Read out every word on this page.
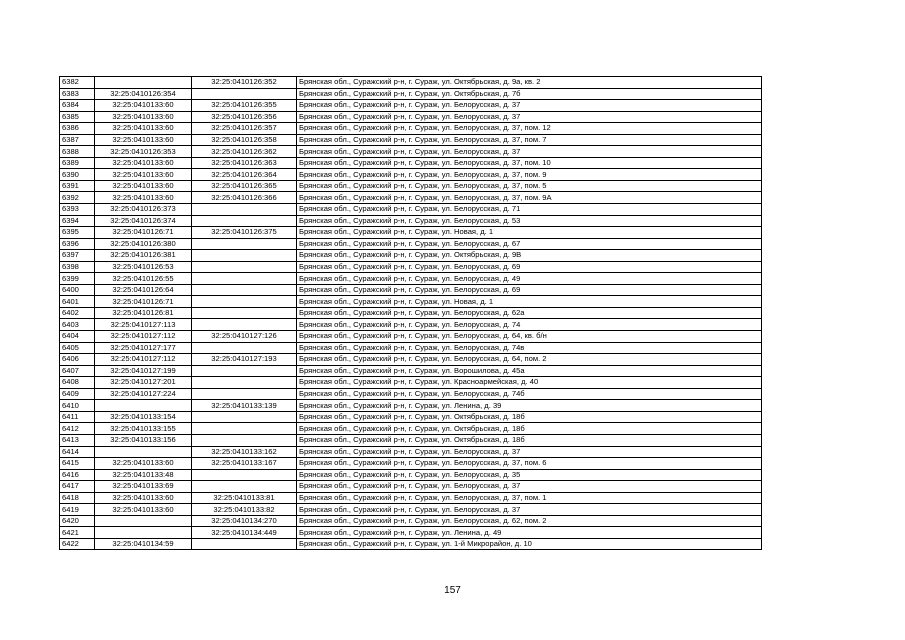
6382		32:25:0410126:352	Брянская обл., Суражский р-н, г. Сураж, ул. Октябрьская, д. 9а, кв. 2
6383	32:25:0410126:354		Брянская обл., Суражский р-н, г. Сураж, ул. Октябрьская, д. 7б
6384	32:25:0410133:60	32:25:0410126:355	Брянская обл., Суражский р-н, г. Сураж, ул. Белорусская, д. 37
6385	32:25:0410133:60	32:25:0410126:356	Брянская обл., Суражский р-н, г. Сураж, ул. Белорусская, д. 37
6386	32:25:0410133:60	32:25:0410126:357	Брянская обл., Суражский р-н, г. Сураж, ул. Белорусская, д. 37, пом. 12
6387	32:25:0410133:60	32:25:0410126:358	Брянская обл., Суражский р-н, г. Сураж, ул. Белорусская, д. 37, пом. 7
6388	32:25:0410126:353	32:25:0410126:362	Брянская обл., Суражский р-н, г. Сураж, ул. Белорусская, д. 37
6389	32:25:0410133:60	32:25:0410126:363	Брянская обл., Суражский р-н, г. Сураж, ул. Белорусская, д. 37, пом. 10
6390	32:25:0410133:60	32:25:0410126:364	Брянская обл., Суражский р-н, г. Сураж, ул. Белорусская, д. 37, пом. 9
6391	32:25:0410133:60	32:25:0410126:365	Брянская обл., Суражский р-н, г. Сураж, ул. Белорусская, д. 37, пом. 5
6392	32:25:0410133:60	32:25:0410126:366	Брянская обл., Суражский р-н, г. Сураж, ул. Белорусская, д. 37, пом. 9А
6393	32:25:0410126:373		Брянская обл., Суражский р-н, г. Сураж, ул. Белорусская, д. 71
6394	32:25:0410126:374		Брянская обл., Суражский р-н, г. Сураж, ул. Белорусская, д. 53
6395	32:25:0410126:71	32:25:0410126:375	Брянская обл., Суражский р-н, г. Сураж, ул. Новая, д. 1
6396	32:25:0410126:380		Брянская обл., Суражский р-н, г. Сураж, ул. Белорусская, д. 67
6397	32:25:0410126:381		Брянская обл., Суражский р-н, г. Сураж, ул. Октябрьская, д. 9В
6398	32:25:0410126:53		Брянская обл., Суражский р-н, г. Сураж, ул. Белорусская, д. 69
6399	32:25:0410126:55		Брянская обл., Суражский р-н, г. Сураж, ул. Белорусская, д. 49
6400	32:25:0410126:64		Брянская обл., Суражский р-н, г. Сураж, ул. Белорусская, д. 69
6401	32:25:0410126:71		Брянская обл., Суражский р-н, г. Сураж, ул. Новая, д. 1
6402	32:25:0410126:81		Брянская обл., Суражский р-н, г. Сураж, ул. Белорусская, д. 62а
6403	32:25:0410127:113		Брянская обл., Суражский р-н, г. Сураж, ул. Белорусская, д. 74
6404	32:25:0410127:112	32:25:0410127:126	Брянская обл., Суражский р-н, г. Сураж, ул. Белорусская, д. 64, кв. б/н
6405	32:25:0410127:177		Брянская обл., Суражский р-н, г. Сураж, ул. Белорусская, д. 74в
6406	32:25:0410127:112	32:25:0410127:193	Брянская обл., Суражский р-н, г. Сураж, ул. Белорусская, д. 64, пом. 2
6407	32:25:0410127:199		Брянская обл., Суражский р-н, г. Сураж, ул. Ворошилова, д. 45а
6408	32:25:0410127:201		Брянская обл., Суражский р-н, г. Сураж, ул. Красноармейская, д. 40
6409	32:25:0410127:224		Брянская обл., Суражский р-н, г. Сураж, ул. Белорусская, д. 74б
6410		32:25:0410133:139	Брянская обл., Суражский р-н, г. Сураж, ул. Ленина, д. 39
6411	32:25:0410133:154		Брянская обл., Суражский р-н, г. Сураж, ул. Октябрьская, д. 18б
6412	32:25:0410133:155		Брянская обл., Суражский р-н, г. Сураж, ул. Октябрьская, д. 18б
6413	32:25:0410133:156		Брянская обл., Суражский р-н, г. Сураж, ул. Октябрьская, д. 18б
6414		32:25:0410133:162	Брянская обл., Суражский р-н, г. Сураж, ул. Белорусская, д. 37
6415	32:25:0410133:60	32:25:0410133:167	Брянская обл., Суражский р-н, г. Сураж, ул. Белорусская, д. 37, пом. 6
6416	32:25:0410133:48		Брянская обл., Суражский р-н, г. Сураж, ул. Белорусская, д. 35
6417	32:25:0410133:69		Брянская обл., Суражский р-н, г. Сураж, ул. Белорусская, д. 37
6418	32:25:0410133:60	32:25:0410133:81	Брянская обл., Суражский р-н, г. Сураж, ул. Белорусская, д. 37, пом. 1
6419	32:25:0410133:60	32:25:0410133:82	Брянская обл., Суражский р-н, г. Сураж, ул. Белорусская, д. 37
6420		32:25:0410134:270	Брянская обл., Суражский р-н, г. Сураж, ул. Белорусская, д. 62, пом. 2
6421		32:25:0410134:449	Брянская обл., Суражский р-н, г. Сураж, ул. Ленина, д. 49
6422	32:25:0410134:59		Брянская обл., Суражский р-н, г. Сураж, ул. 1-й Микрорайон, д. 10
157
